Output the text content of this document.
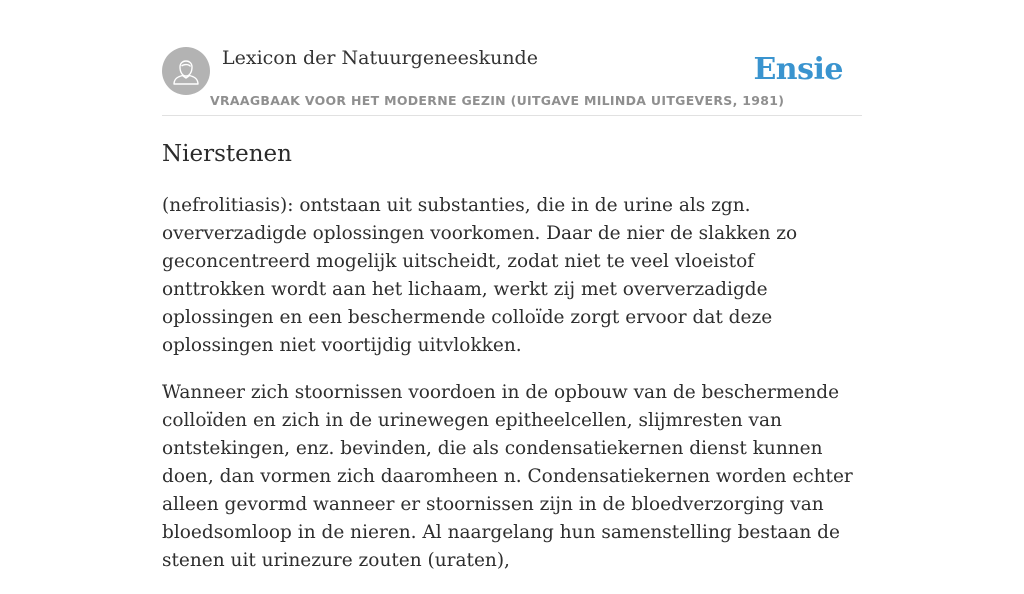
Lexicon der Natuurgeneeskunde
VRAAGBAAK VOOR HET MODERNE GEZIN (UITGAVE MILINDA UITGEVERS, 1981)
Ensie
Nierstenen

(nefrolitiasis): ontstaan uit substanties, die in de urine als zgn. oververzadigde oplossingen voorkomen. Daar de nier de slakken zo geconcentreerd mogelijk uitscheidt, zodat niet te veel vloeistof onttrokken wordt aan het lichaam, werkt zij met oververzadigde oplossingen en een beschermende colloïde zorgt ervoor dat deze oplossingen niet voortijdig uitvlokken.

Wanneer zich stoornissen voordoen in de opbouw van de beschermende colloïden en zich in de urinewegen epitheelcellen, slijmresten van ontstekingen, enz. bevinden, die als condensatiekernen dienst kunnen doen, dan vormen zich daaromheen n. Condensatiekernen worden echter alleen gevormd wanneer er stoornissen zijn in de bloedverzorging van bloedsomloop in de nieren. Al naargelang hun samenstelling bestaan de stenen uit urinezure zouten (uraten),
